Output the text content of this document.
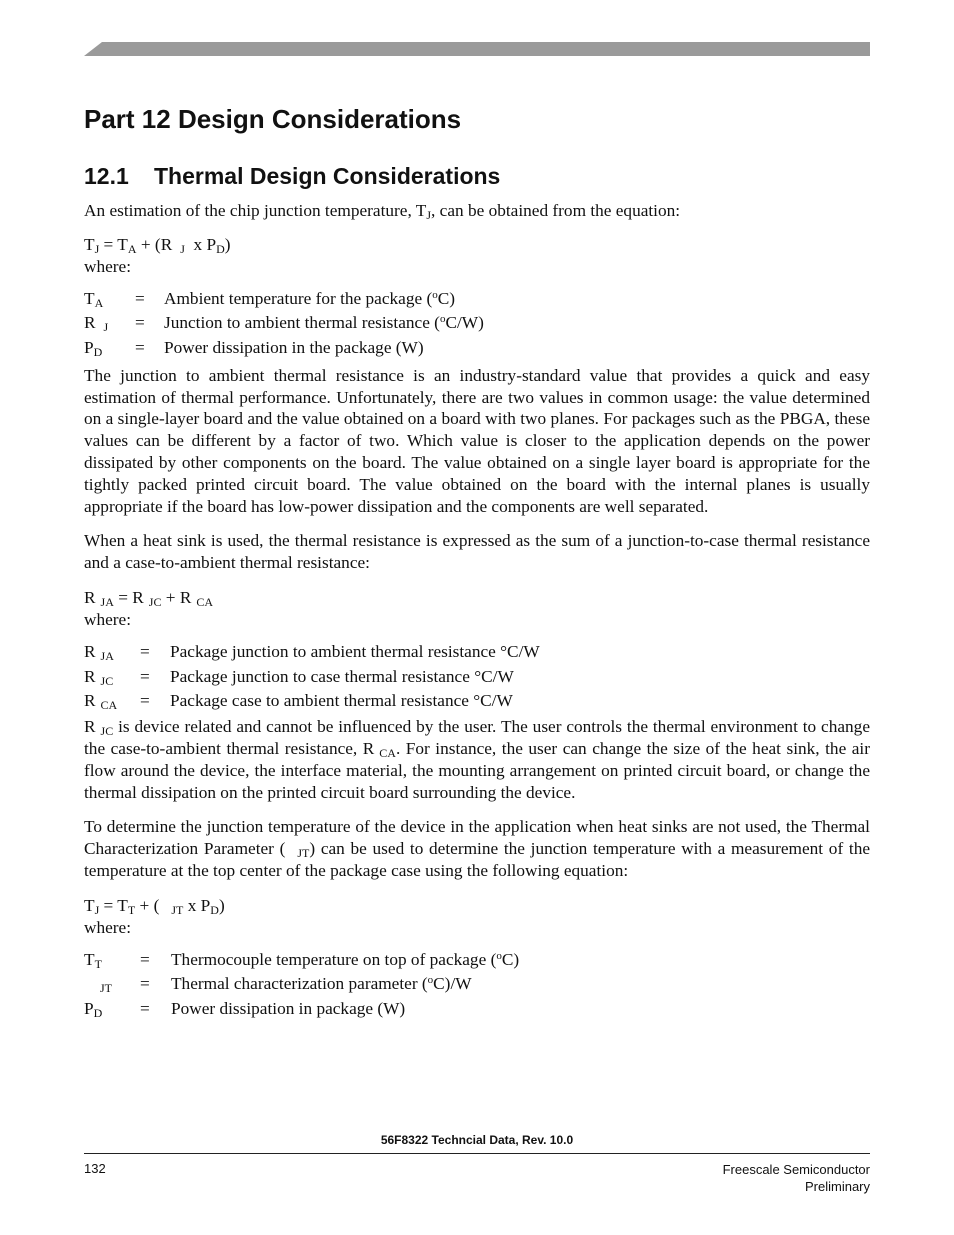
Part 12 Design Considerations
12.1 Thermal Design Considerations

An estimation of the chip junction temperature, $T_J$, can be obtained from the equation:

$T_J = T_A + (R$ $_J$  x $P_D$)

where:

$T_A$	=	Ambient temperature for the package ($^o$C)
R $_J$	=	Junction to ambient thermal resistance ($^o$C/W)
$P_D$	=	Power dissipation in the package (W)

The junction to ambient thermal resistance is an industry-standard value that provides a quick and easy estimation of thermal performance. Unfortunately, there are two values in common usage: the value determined on a single-layer board and the value obtained on a board with two planes. For packages such as the PBGA, these values can be different by a factor of two. Which value is closer to the application depends on the power dissipated by other components on the board. The value obtained on a single layer board is appropriate for the tightly packed printed circuit board. The value obtained on the board with the internal planes is usually appropriate if the board has low-power dissipation and the components are well separated.

When a heat sink is used, the thermal resistance is expressed as the sum of a junction-to-case thermal resistance and a case-to-ambient thermal resistance:

R $_{JA}$ = R $_{JC}$ + R $_{CA}$

where:

R $_{JA}$	=	Package junction to ambient thermal resistance °C/W
R $_{JC}$	=	Package junction to case thermal resistance °C/W
R $_{CA}$	=	Package case to ambient thermal resistance °C/W

R $_{JC}$ is device related and cannot be influenced by the user. The user controls the thermal environment to change the case-to-ambient thermal resistance, R $_{CA}$. For instance, the user can change the size of the heat sink, the air flow around the device, the interface material, the mounting arrangement on printed circuit board, or change the thermal dissipation on the printed circuit board surrounding the device.

To determine the junction temperature of the device in the application when heat sinks are not used, the Thermal Characterization Parameter ( $_{JT}$) can be used to determine the junction temperature with a measurement of the temperature at the top center of the package case using the following equation:

$T_J = T_T$ + ( $_{JT}$ x $P_D$)

where:

$T_T$	=	Thermocouple temperature on top of package ($^o$C)
$_{JT}$	=	Thermal characterization parameter ($^o$C)/W
$P_D$	=	Power dissipation in package (W)
56F8322 Techncial Data, Rev. 10.0
132	Freescale Semiconductor
Preliminary
